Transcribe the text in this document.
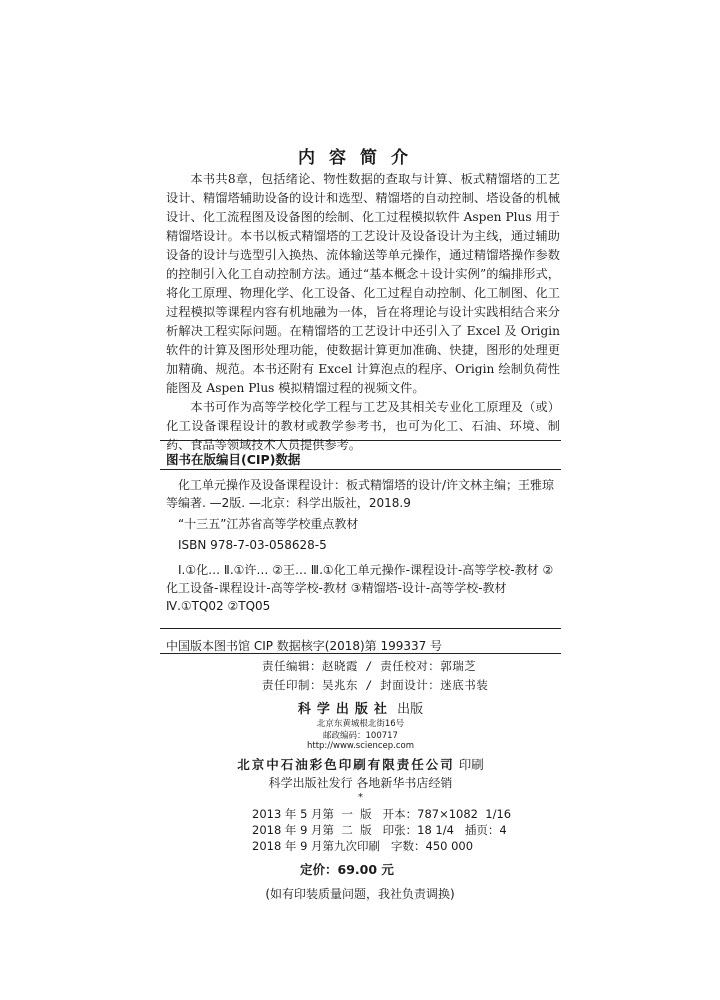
内容简介

本书共8章，包括绪论、物性数据的查取与计算、板式精馏塔的工艺设计、精馏塔辅助设备的设计和选型、精馏塔的自动控制、塔设备的机械设计、化工流程图及设备图的绘制、化工过程模拟软件 Aspen Plus 用于精馏塔设计。本书以板式精馏塔的工艺设计及设备设计为主线，通过辅助设备的设计与选型引入换热、流体输送等单元操作，通过精馏塔操作参数的控制引入化工自动控制方法。通过“基本概念＋设计实例”的编排形式，将化工原理、物理化学、化工设备、化工过程自动控制、化工制图、化工过程模拟等课程内容有机地融为一体，旨在将理论与设计实践相结合来分析解决工程实际问题。在精馏塔的工艺设计中还引入了 Excel 及 Origin 软件的计算及图形处理功能，使数据计算更加准确、快捷，图形的处理更加精确、规范。本书还附有 Excel 计算泡点的程序、Origin 绘制负荷性能图及 Aspen Plus 模拟精馏过程的视频文件。

本书可作为高等学校化学工程与工艺及其相关专业化工原理及（或）化工设备课程设计的教材或教学参考书，也可为化工、石油、环境、制药、食品等领域技术人员提供参考。

图书在版编目(CIP)数据
化工单元操作及设备课程设计：板式精馏塔的设计/许文林主编；王雅琼等编著. —2版. —北京：科学出版社，2018.9
“十三五”江苏省高等学校重点教材
ISBN 978-7-03-058628-5
Ⅰ.①化… Ⅱ.①许… ②王… Ⅲ.①化工单元操作-课程设计-高等学校-教材 ②化工设备-课程设计-高等学校-教材 ③精馏塔-设计-高等学校-教材 Ⅳ.①TQ02 ②TQ05
中国版本图书馆 CIP 数据核字(2018)第 199337 号
责任编辑：赵晓霞 / 责任校对：郭瑞芝
责任印制：吴兆东 / 封面设计：迷底书装
科学出版社 出版
北京东黄城根北街16号
邮政编码：100717
http://www.sciencep.com
北京中石油彩色印刷有限责任公司 印刷
科学出版社发行 各地新华书店经销
*
2013 年 5 月第  一  版   开本：787×1082  1/16
2018 年 9 月第  二  版   印张：18 1/4   插页：4
2018 年 9 月第九次印刷   字数：450 000
定价：69.00 元
(如有印装质量问题，我社负责调换)
